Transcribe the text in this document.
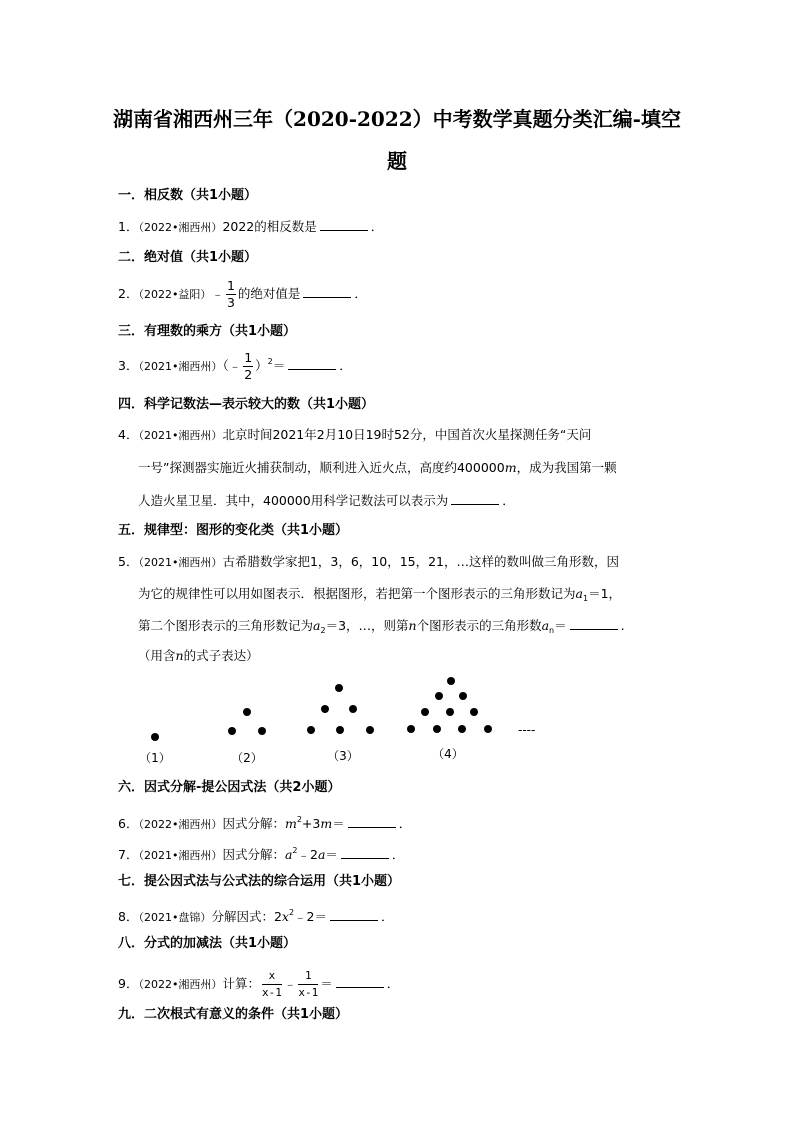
湖南省湘西州三年（2020-2022）中考数学真题分类汇编-填空
题
一．相反数（共1小题）
1．（2022•湘西州）2022的相反数是	．
二．绝对值（共1小题）
2．（2022•益阳）﹣ $\frac{1}{3}$ 的绝对值是	．
三．有理数的乘方（共1小题）
3．（2021•湘西州）（﹣ $\frac{1}{2} )^2=$	．
四．科学记数法—表示较大的数（共1小题）
4．（2021•湘西州）北京时间2021年2月10日19时52分，中国首次火星探测任务“天问
一号”探测器实施近火捕获制动，顺利进入近火点，高度约400000m，成为我国第一颗
人造火星卫星．其中，400000用科学记数法可以表示为	．
五．规律型：图形的变化类（共1小题）
5．（2021•湘西州）古希腊数学家把1，3，6，10，15，21，…这样的数叫做三角形数，因
为它的规律性可以用如图表示．根据图形，若把第一个图形表示的三角形数记为$a_1=1$，
第二个图形表示的三角形数记为$a_2=3$，…，则第n个图形表示的三角形数$a_n=$	.
（用含n的式子表达）
（1）	（2）	（3）	（4）
----
六．因式分解-提公因式法（共2小题）
6．（2022•湘西州）因式分解：$m^2+3m=$	．
7．（2021•湘西州）因式分解：$a^2﹣2a=$	．
七．提公因式法与公式法的综合运用（共1小题）
8．（2021•盘锦）分解因式：$2x^2﹣2=$	．
八．分式的加减法（共1小题）
9．（2022•湘西州）计算： $\frac{x}{x-1}$ ﹣ $\frac{1}{x-1}$ ＝	．
九．二次根式有意义的条件（共1小题）
